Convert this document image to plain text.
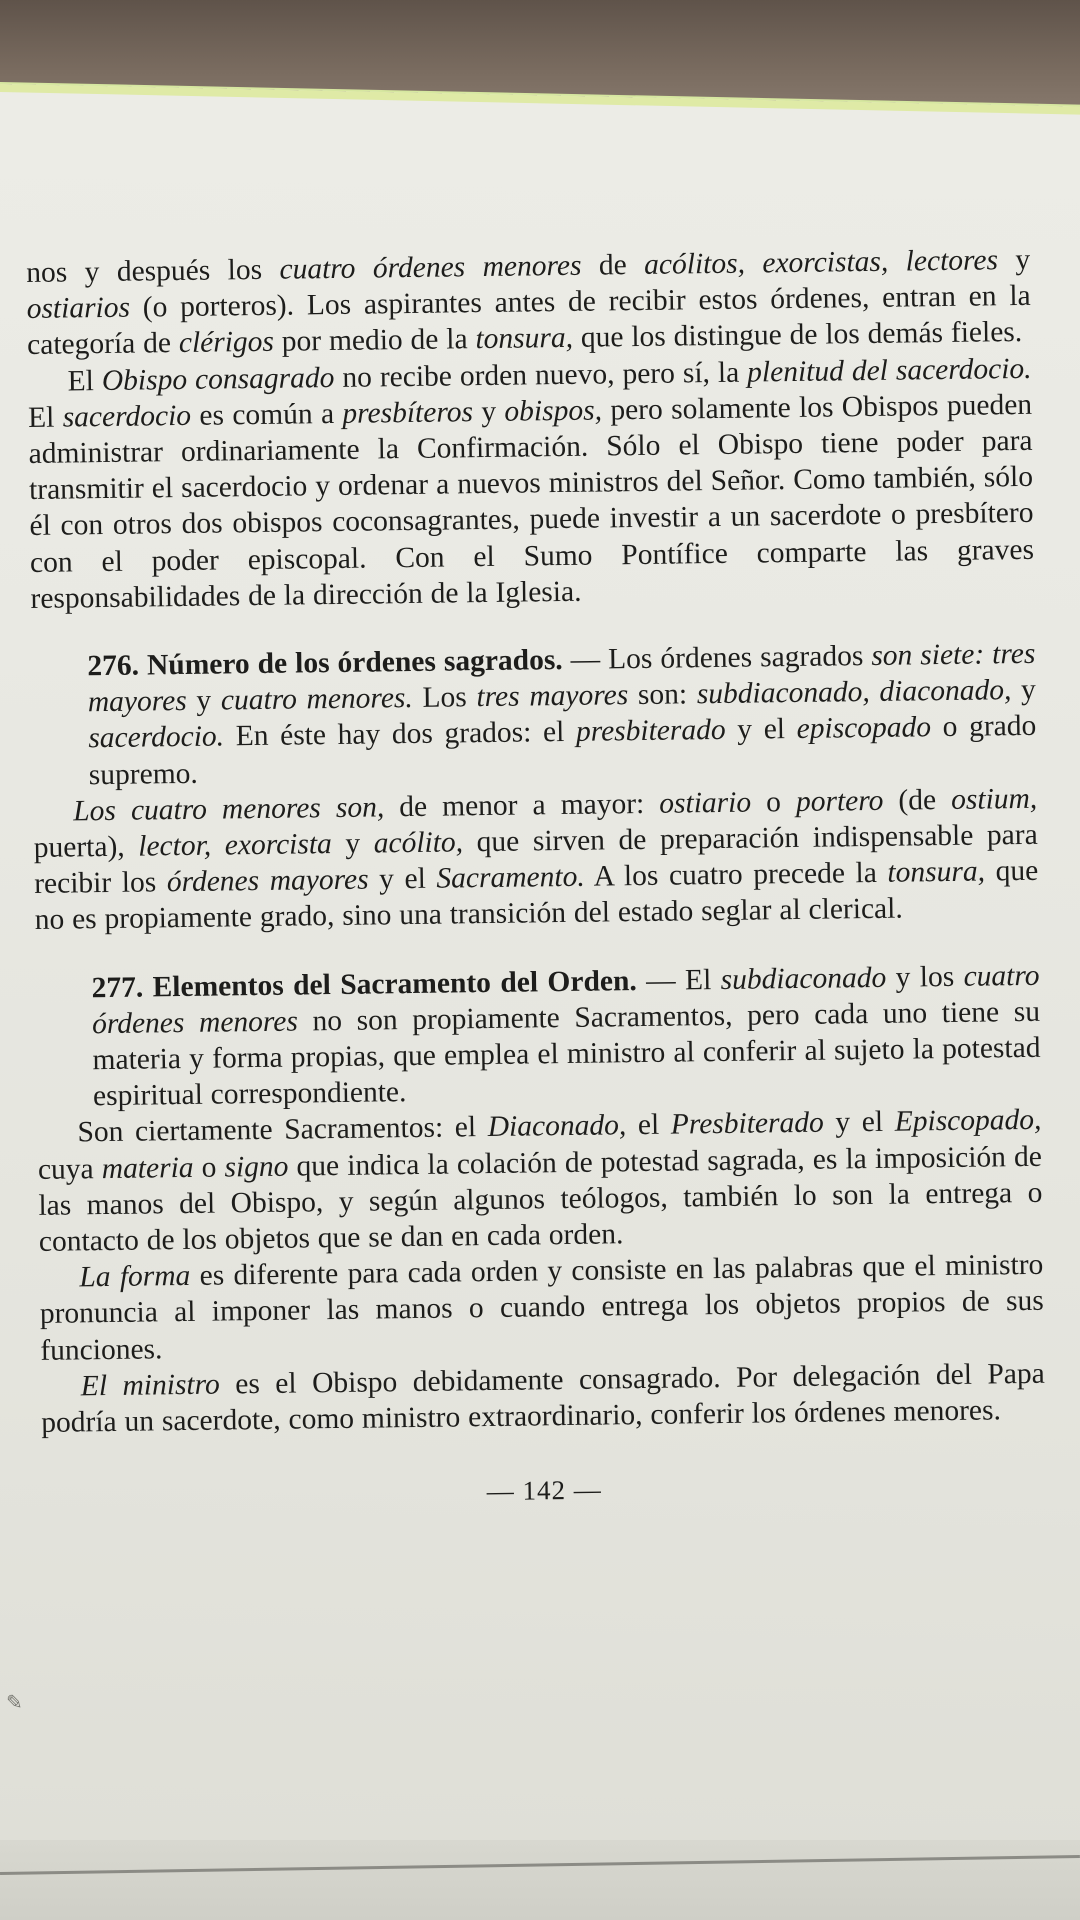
✎

nos y después los cuatro órdenes menores de acólitos, exorcistas, lectores y ostiarios (o porteros). Los aspirantes antes de recibir estos órdenes, entran en la categoría de clérigos por medio de la tonsura, que los distingue de los demás fieles.

El Obispo consagrado no recibe orden nuevo, pero sí, la plenitud del sacerdocio. El sacerdocio es común a presbíteros y obispos, pero solamente los Obispos pueden administrar ordinariamente la Confirmación. Sólo el Obispo tiene poder para transmitir el sacerdocio y ordenar a nuevos ministros del Señor. Como también, sólo él con otros dos obispos coconsagrantes, puede investir a un sacerdote o presbítero con el poder episcopal. Con el Sumo Pontífice comparte las graves responsabilidades de la dirección de la Iglesia.

276. Número de los órdenes sagrados. — Los órdenes sagrados son siete: tres mayores y cuatro menores. Los tres mayores son: subdiaconado, diaconado, y sacerdocio. En éste hay dos grados: el presbiterado y el episcopado o grado supremo.

Los cuatro menores son, de menor a mayor: ostiario o portero (de ostium, puerta), lector, exorcista y acólito, que sirven de preparación indispensable para recibir los órdenes mayores y el Sacramento. A los cuatro precede la tonsura, que no es propiamente grado, sino una transición del estado seglar al clerical.

277. Elementos del Sacramento del Orden. — El subdiaconado y los cuatro órdenes menores no son propiamente Sacramentos, pero cada uno tiene su materia y forma propias, que emplea el ministro al conferir al sujeto la potestad espiritual correspondiente.

Son ciertamente Sacramentos: el Diaconado, el Presbiterado y el Episcopado, cuya materia o signo que indica la colación de potestad sagrada, es la imposición de las manos del Obispo, y según algunos teólogos, también lo son la entrega o contacto de los objetos que se dan en cada orden.

La forma es diferente para cada orden y consiste en las palabras que el ministro pronuncia al imponer las manos o cuando entrega los objetos propios de sus funciones.

El ministro es el Obispo debidamente consagrado. Por delegación del Papa podría un sacerdote, como ministro extraordinario, conferir los órdenes menores.

— 142 —
